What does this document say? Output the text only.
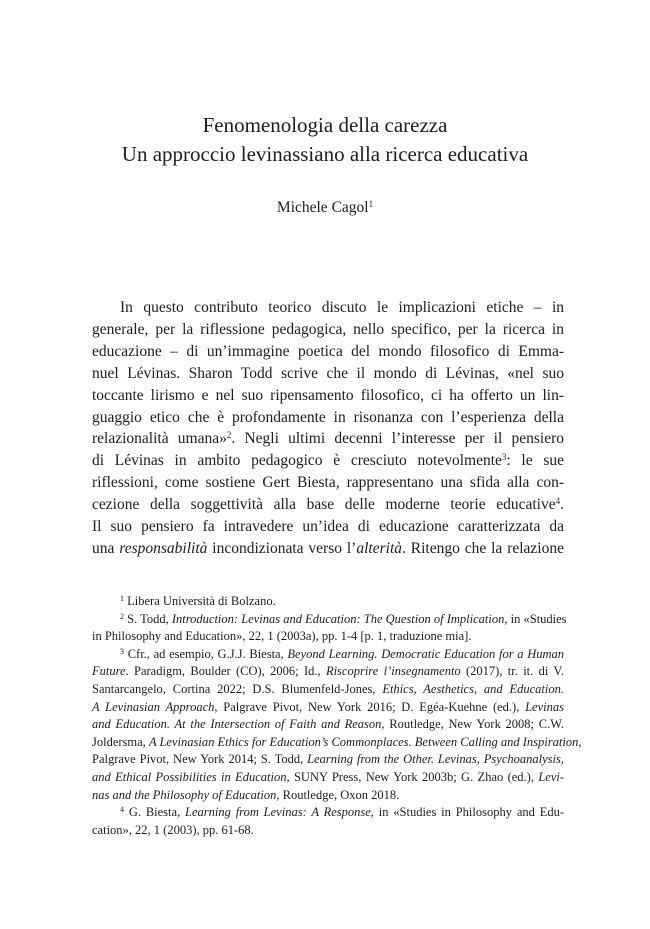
Fenomenologia della carezza
Un approccio levinassiano alla ricerca educativa
Michele Cagol$^1$
In questo contributo teorico discuto le implicazioni etiche – in
generale, per la riflessione pedagogica, nello specifico, per la ricerca in
educazione – di un’immagine poetica del mondo filosofico di Emma-
nuel Lévinas. Sharon Todd scrive che il mondo di Lévinas, «nel suo
toccante lirismo e nel suo ripensamento filosofico, ci ha offerto un lin-
guaggio etico che è profondamente in risonanza con l’esperienza della
relazionalità umana»$^2$. Negli ultimi decenni l’interesse per il pensiero
di Lévinas in ambito pedagogico è cresciuto notevolmente$^3$: le sue
riflessioni, come sostiene Gert Biesta, rappresentano una sfida alla con-
cezione della soggettività alla base delle moderne teorie educative$^4$.
Il suo pensiero fa intravedere un’idea di educazione caratterizzata da
una responsabilità incondizionata verso l’alterità. Ritengo che la relazione
$^1$ Libera Università di Bolzano.
$^2$ S. Todd, Introduction: Levinas and Education: The Question of Implication, in «Studies
in Philosophy and Education», 22, 1 (2003a), pp. 1-4 [p. 1, traduzione mia].
$^3$ Cfr., ad esempio, G.J.J. Biesta, Beyond Learning. Democratic Education for a Human
Future. Paradigm, Boulder (CO), 2006; Id., Riscoprire l’insegnamento (2017), tr. it. di V.
Santarcangelo, Cortina 2022; D.S. Blumenfeld-Jones, Ethics, Aesthetics, and Education.
A Levinasian Approach, Palgrave Pivot, New York 2016; D. Egéa-Kuehne (ed.), Levinas
and Education. At the Intersection of Faith and Reason, Routledge, New York 2008; C.W.
Joldersma, A Levinasian Ethics for Education’s Commonplaces. Between Calling and Inspiration,
Palgrave Pivot, New York 2014; S. Todd, Learning from the Other. Levinas, Psychoanalysis,
and Ethical Possibilities in Education, SUNY Press, New York 2003b; G. Zhao (ed.), Levi-
nas and the Philosophy of Education, Routledge, Oxon 2018.
$^4$ G. Biesta, Learning from Levinas: A Response, in «Studies in Philosophy and Edu-
cation», 22, 1 (2003), pp. 61-68.
